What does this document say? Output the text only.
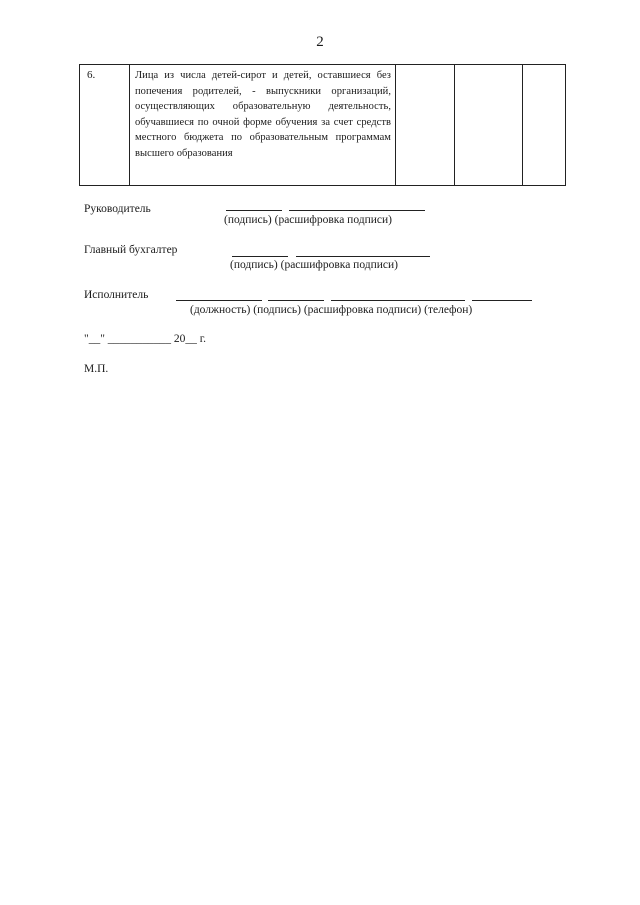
2
6.	Лица из числа детей-сирот и детей, оставшиеся без попечения родителей, - выпускники организаций, осуществляющих образовательную деятельность, обучавшиеся по очной форме обучения за счет средств местного бюджета по образовательным программам высшего образования

Руководитель
(подпись) (расшифровка подписи)
Главный бухгалтер
(подпись) (расшифровка подписи)
Исполнитель
(должность) (подпись) (расшифровка подписи) (телефон)
"__" ___________ 20__ г.
М.П.
